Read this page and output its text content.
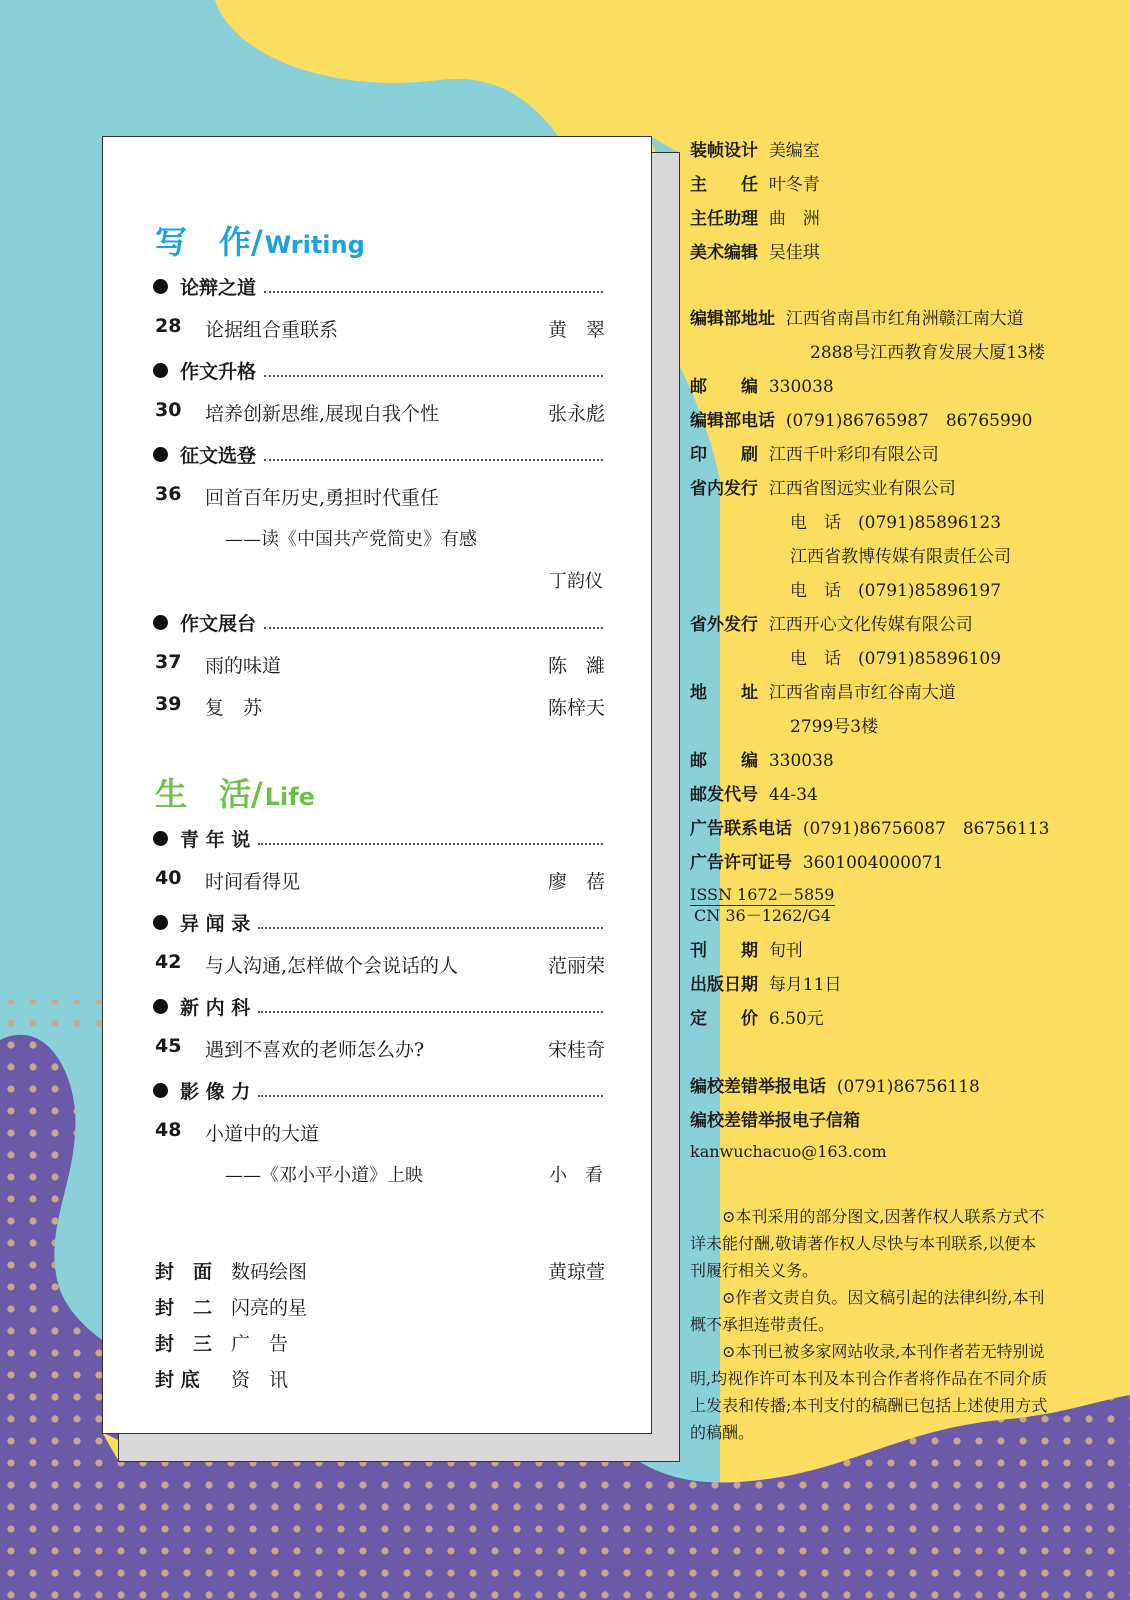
写　作/Writing
论辩之道
28	论据组合重联系	黄　翠
作文升格
30	培养创新思维,展现自我个性	张永彪
征文选登
36	回首百年历史,勇担时代重任
——读《中国共产党简史》有感
丁韵仪
作文展台
37	雨的味道	陈　濰
39	复　苏	陈梓天
生　活/Life
青 年 说
40	时间看得见	廖　蓓
异 闻 录
42	与人沟通,怎样做个会说话的人	范丽荣
新 内 科
45	遇到不喜欢的老师怎么办?	宋桂奇
影 像 力
48	小道中的大道
——《邓小平小道》上映	小　看
封　面 数码绘图	黄琼萱
封　二 闪亮的星
封　三 广　告
封 底	资　讯
装帧设计 美编室
主　　任 叶冬青
主任助理 曲　洲
美术编辑 吴佳琪
编辑部地址 江西省南昌市红角洲赣江南大道
2888号江西教育发展大厦13楼
邮　　编 330038
编辑部电话 (0791)86765987　86765990
印　　刷 江西千叶彩印有限公司
省内发行 江西省图远实业有限公司
电　话　(0791)85896123
江西省教博传媒有限责任公司
电　话　(0791)85896197
省外发行 江西开心文化传媒有限公司
电　话　(0791)85896109
地　　址 江西省南昌市红谷南大道
2799号3楼
邮　　编 330038
邮发代号 44-34
广告联系电话 (0791)86756087　86756113
广告许可证号 3601004000071
ISSN 1672－5859
CN 36－1262/G4
刊　　期 旬刊
出版日期 每月11日
定　　价 6.50元
编校差错举报电话 (0791)86756118
编校差错举报电子信箱
kanwuchacuo@163.com

⊙本刊采用的部分图文,因著作权人联系方式不详未能付酬,敬请著作权人尽快与本刊联系,以便本刊履行相关义务。

⊙作者文责自负。因文稿引起的法律纠纷,本刊概不承担连带责任。

⊙本刊已被多家网站收录,本刊作者若无特别说明,均视作许可本刊及本刊合作者将作品在不同介质上发表和传播;本刊支付的稿酬已包括上述使用方式的稿酬。
